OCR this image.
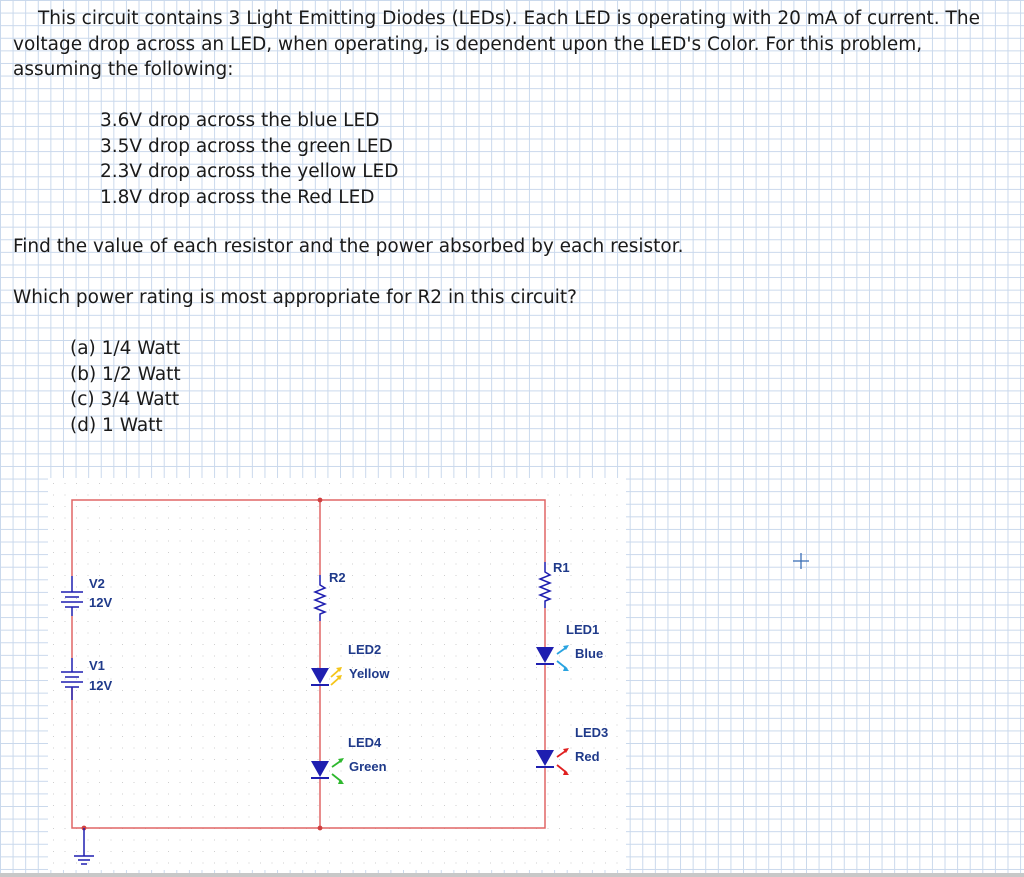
This circuit contains 3 Light Emitting Diodes (LEDs). Each LED is operating with 20 mA of current. The
voltage drop across an LED, when operating, is dependent upon the LED's Color. For this problem,
assuming the following:
3.6V drop across the blue LED
3.5V drop across the green LED
2.3V drop across the yellow LED
1.8V drop across the Red LED
Find the value of each resistor and the power absorbed by each resistor.
Which power rating is most appropriate for R2 in this circuit?
(a) 1/4 Watt
(b) 1/2 Watt
(c) 3/4 Watt
(d) 1 Watt
V2
12V
V1
12V
R2
R1
LED2
Yellow
LED4
Green
LED1
Blue
LED3
Red
